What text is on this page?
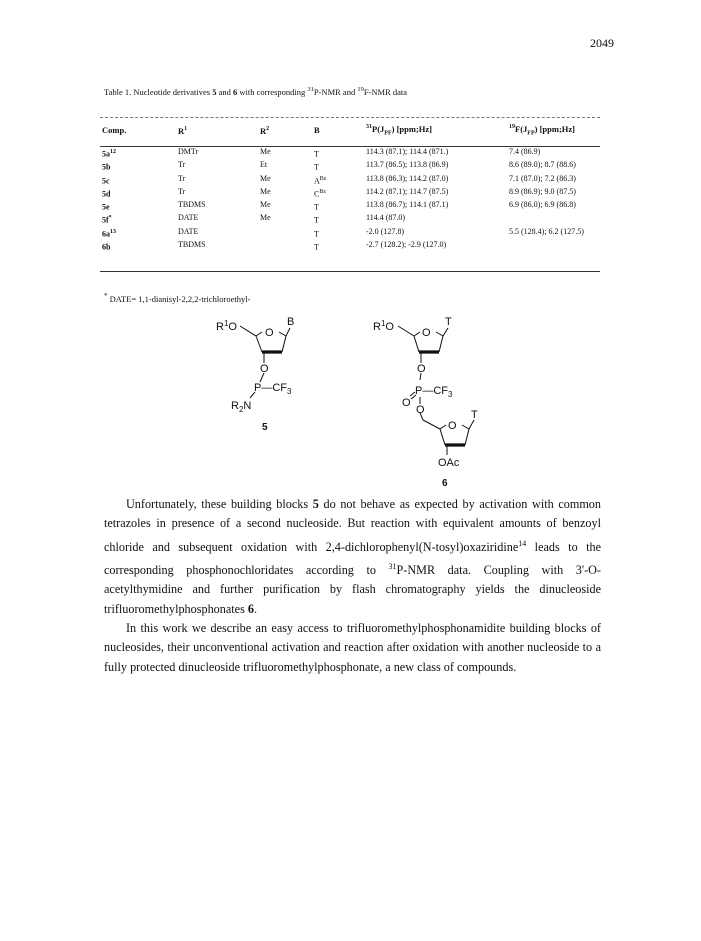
2049
Table 1. Nucleotide derivatives 5 and 6 with corresponding $^{31}$P-NMR and $^{19}$F-NMR data
Comp.	$R^1$	$R^2$	B	$^{31}P(J_{PF})$ [ppm;Hz]	$^{19}F(J_{FP})$ [ppm;Hz]

$5a^{12}$	DMTr	Me	T	114.3 (87.1); 114.4 (871.)	7.4 (86.9)
5b	Tr	Et	T	113.7 (86.5); 113.8 (86.9)	8.6 (89.0); 8.7 (88.6)
5c	Tr	Me	$A^{Bz}$	113.8 (86.3); 114.2 (87.0)	7.1 (87.0); 7.2 (86.3)
5d	Tr	Me	$C^{Bz}$	114.2 (87.1); 114.7 (87.5)	8.9 (86.9); 9.0 (87.5)
5e	TBDMS	Me	T	113.8 (86.7); 114.1 (87.1)	6.9 (86.0); 6.9 (86.8)
5f*	DATE	Me	T	114.4 (87.0)	
$6a^{13}$	DATE		T	-2.0 (127.8)	5.5 (128.4); 6.2 (127.5)
6b	TBDMS		T	-2.7 (128.2); -2.9 (127.0)	
* DATE= 1,1-dianisyl-2,2,2-trichloroethyl-
$R^1O$	O
B
O
$P—CF_3$
$R_2N$
5
$R^1O$	O
T
O
O
$P—CF_3$
O
O
T
OAc
6

Unfortunately, these building blocks 5 do not behave as expected by activation with common tetrazoles in presence of a second nucleoside. But reaction with equivalent amounts of benzoyl chloride and subsequent oxidation with 2,4-dichlorophenyl(N-tosyl)oxaziridine$^{14}$ leads to the corresponding phosphonochloridates according to $^{31}$P-NMR data. Coupling with 3'-O-acetylthymidine and further purification by flash chromatography yields the dinucleoside trifluoromethylphosphonates 6.

In this work we describe an easy access to trifluoromethylphosphonamidite building blocks of nucleosides, their unconventional activation and reaction after oxidation with another nucleoside to a fully protected dinucleoside trifluoromethylphosphonate, a new class of compounds.
